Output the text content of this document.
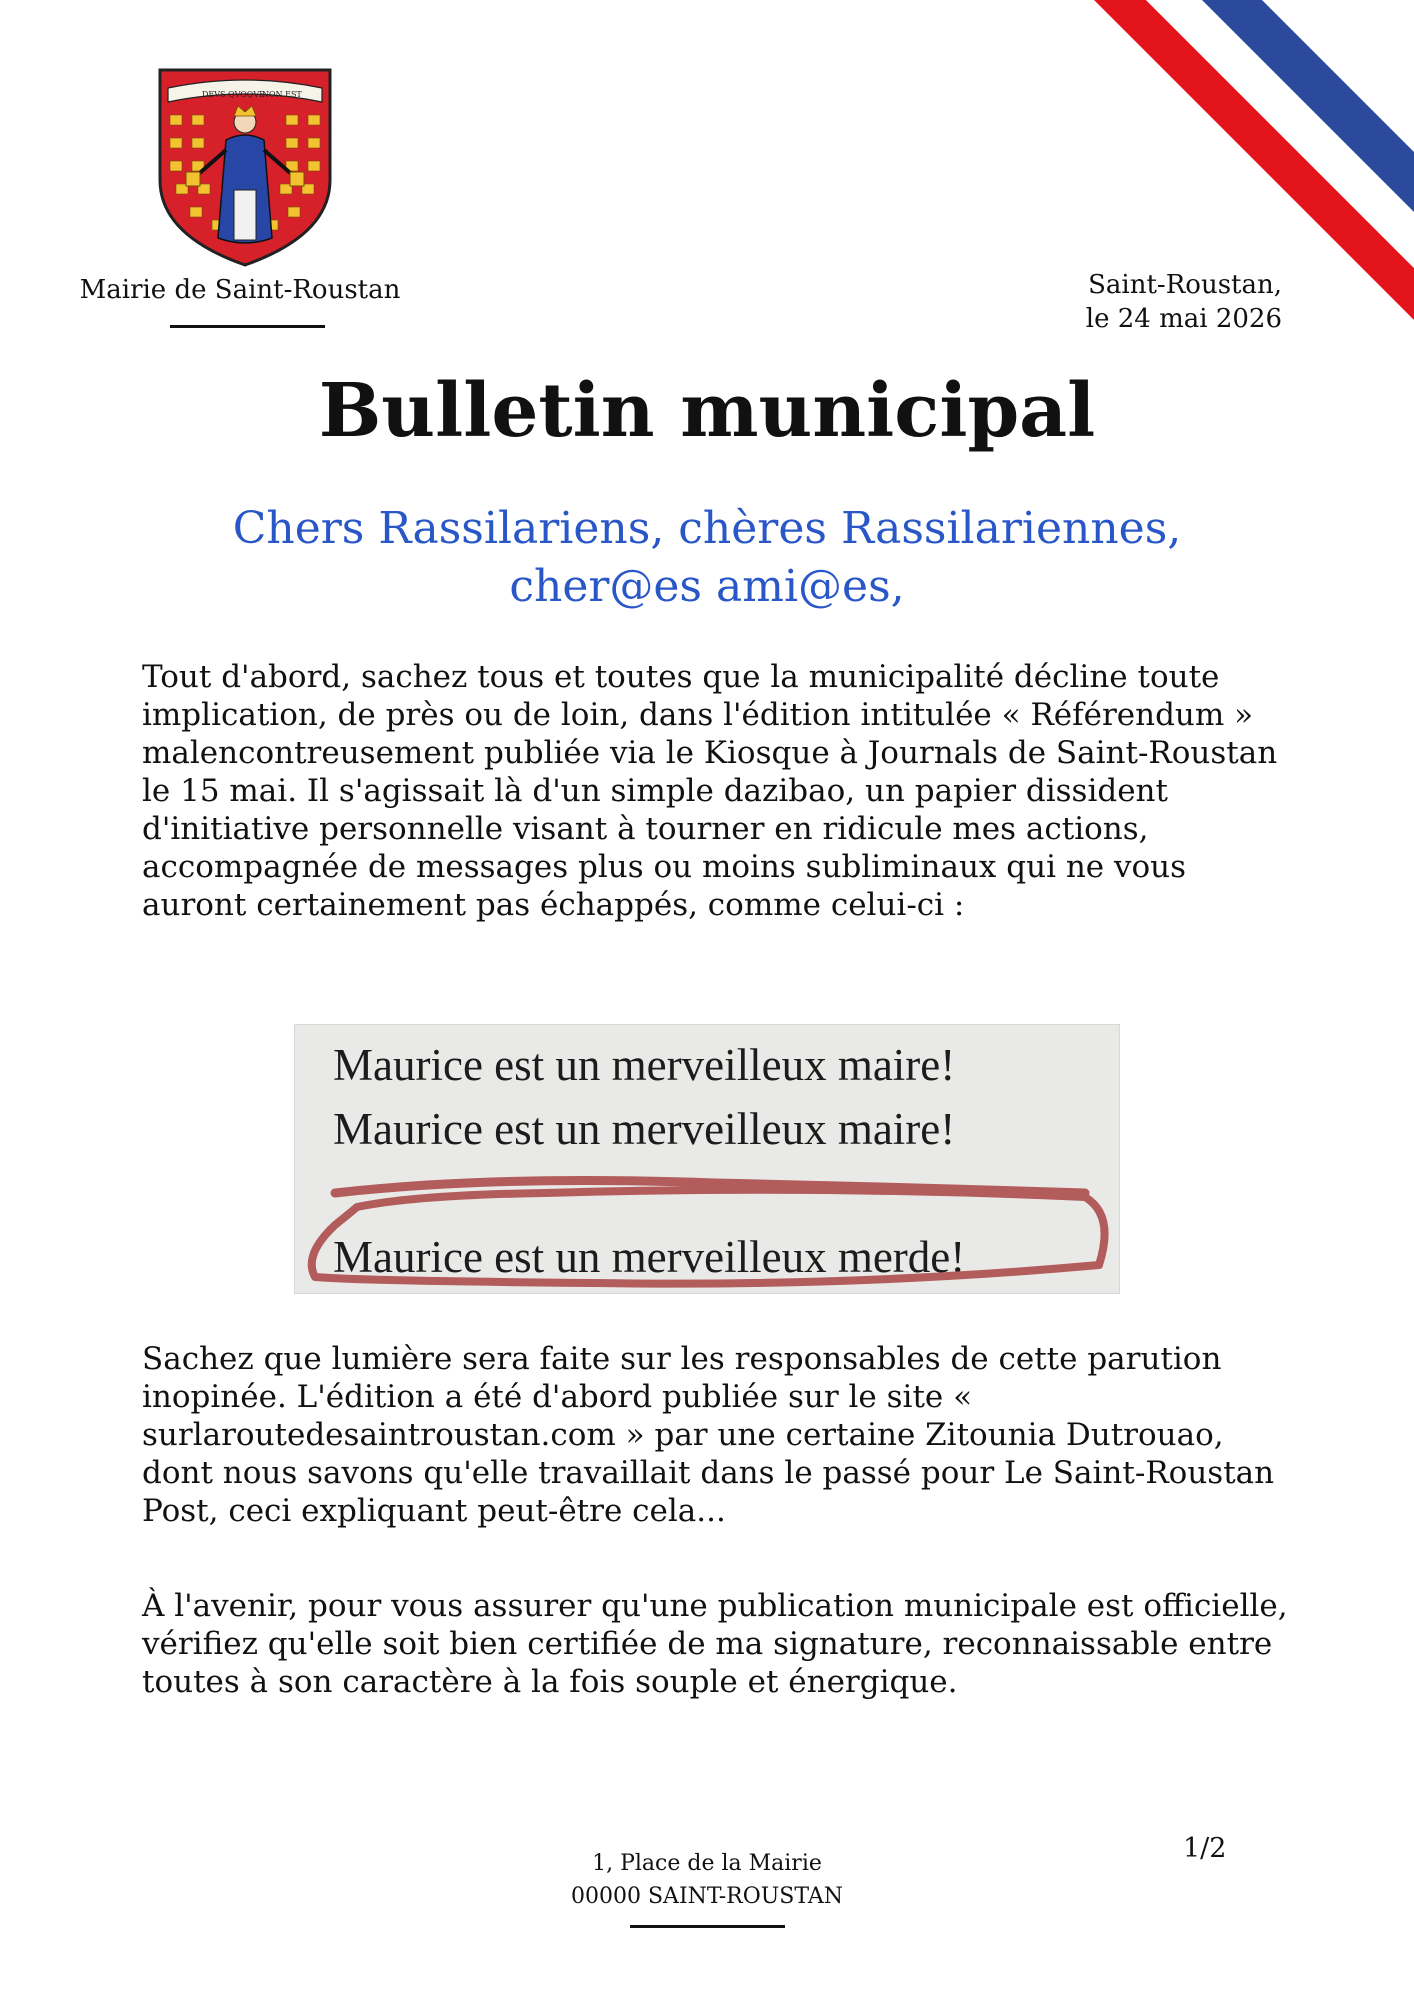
DEVS QVOQVE
NON EST
Mairie de Saint-Roustan	Saint-Roustan,
le 24 mai 2026
Bulletin municipal
Chers Rassilariens, chères Rassilariennes,
cher@es ami@es,
Tout d'abord, sachez tous et toutes que la municipalité décline toute implication, de près ou de loin, dans l'édition intitulée « Référendum » malencontreusement publiée via le Kiosque à Journals de Saint-Roustan le 15 mai. Il s'agissait là d'un simple dazibao, un papier dissident d'initiative personnelle visant à tourner en ridicule mes actions, accompagnée de messages plus ou moins subliminaux qui ne vous auront certainement pas échappés, comme celui-ci :
Maurice est un merveilleux maire!
Maurice est un merveilleux maire!
Maurice est un merveilleux merde!
Sachez que lumière sera faite sur les responsables de cette parution inopinée. L'édition a été d'abord publiée sur le site « surlaroutedesaintroustan.com » par une certaine Zitounia Dutrouao, dont nous savons qu'elle travaillait dans le passé pour Le Saint-Roustan Post, ceci expliquant peut-être cela...
À l'avenir, pour vous assurer qu'une publication municipale est officielle, vérifiez qu'elle soit bien certifiée de ma signature, reconnaissable entre toutes à son caractère à la fois souple et énergique.
1, Place de la Mairie
00000 SAINT-ROUSTAN
1/2
